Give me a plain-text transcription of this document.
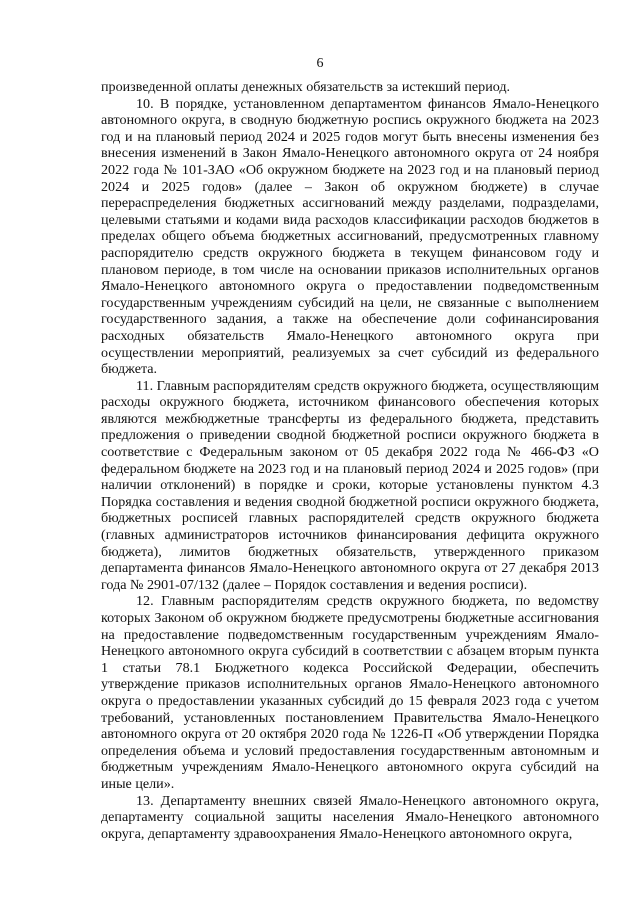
6

произведенной оплаты денежных обязательств за истекший период.

10. В порядке, установленном департаментом финансов Ямало-Ненецкого автономного округа, в сводную бюджетную роспись окружного бюджета на 2023 год и на плановый период 2024 и 2025 годов могут быть внесены изменения без внесения изменений в Закон Ямало-Ненецкого автономного округа от 24 ноября 2022 года № 101-ЗАО «Об окружном бюджете на 2023 год и на плановый период 2024 и 2025 годов» (далее – Закон об окружном бюджете) в случае перераспределения бюджетных ассигнований между разделами, подразделами, целевыми статьями и кодами вида расходов классификации расходов бюджетов в пределах общего объема бюджетных ассигнований, предусмотренных главному распорядителю средств окружного бюджета в текущем финансовом году и плановом периоде, в том числе на основании приказов исполнительных органов Ямало-Ненецкого автономного округа о предоставлении подведомственным государственным учреждениям субсидий на цели, не связанные с выполнением государственного задания, а также на обеспечение доли софинансирования расходных обязательств Ямало-Ненецкого автономного округа при осуществлении мероприятий, реализуемых за счет субсидий из федерального бюджета.

11. Главным распорядителям средств окружного бюджета, осуществляющим расходы окружного бюджета, источником финансового обеспечения которых являются межбюджетные трансферты из федерального бюджета, представить предложения о приведении сводной бюджетной росписи окружного бюджета в соответствие с Федеральным законом от 05 декабря 2022 года № 466-ФЗ «О федеральном бюджете на 2023 год и на плановый период 2024 и 2025 годов» (при наличии отклонений) в порядке и сроки, которые установлены пунктом 4.3 Порядка составления и ведения сводной бюджетной росписи окружного бюджета, бюджетных росписей главных распорядителей средств окружного бюджета (главных администраторов источников финансирования дефицита окружного бюджета), лимитов бюджетных обязательств, утвержденного приказом департамента финансов Ямало-Ненецкого автономного округа от 27 декабря 2013 года № 2901-07/132 (далее – Порядок составления и ведения росписи).

12. Главным распорядителям средств окружного бюджета, по ведомству которых Законом об окружном бюджете предусмотрены бюджетные ассигнования на предоставление подведомственным государственным учреждениям Ямало-Ненецкого автономного округа субсидий в соответствии с абзацем вторым пункта 1 статьи 78.1 Бюджетного кодекса Российской Федерации, обеспечить утверждение приказов исполнительных органов Ямало-Ненецкого автономного округа о предоставлении указанных субсидий до 15 февраля 2023 года с учетом требований, установленных постановлением Правительства Ямало-Ненецкого автономного округа от 20 октября 2020 года № 1226-П «Об утверждении Порядка определения объема и условий предоставления государственным автономным и бюджетным учреждениям Ямало-Ненецкого автономного округа субсидий на иные цели».

13. Департаменту внешних связей Ямало-Ненецкого автономного округа, департаменту социальной защиты населения Ямало-Ненецкого автономного округа, департаменту здравоохранения Ямало-Ненецкого автономного округа,
